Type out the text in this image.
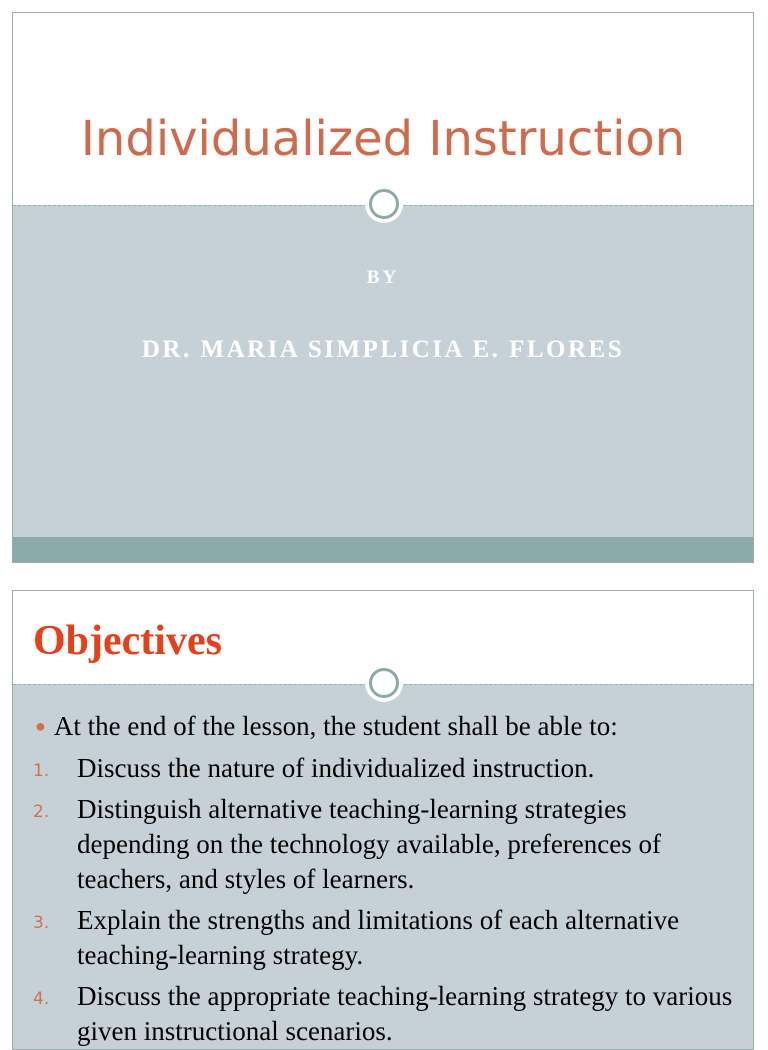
Individualized Instruction
BY
DR. MARIA SIMPLICIA E. FLORES
Objectives
● At the end of the lesson, the student shall be able to:
1. Discuss the nature of individualized instruction.
2. Distinguish alternative teaching-learning strategies depending on the technology available, preferences of teachers, and styles of learners.
3. Explain the strengths and limitations of each alternative teaching-learning strategy.
4. Discuss the appropriate teaching-learning strategy to various given instructional scenarios.
